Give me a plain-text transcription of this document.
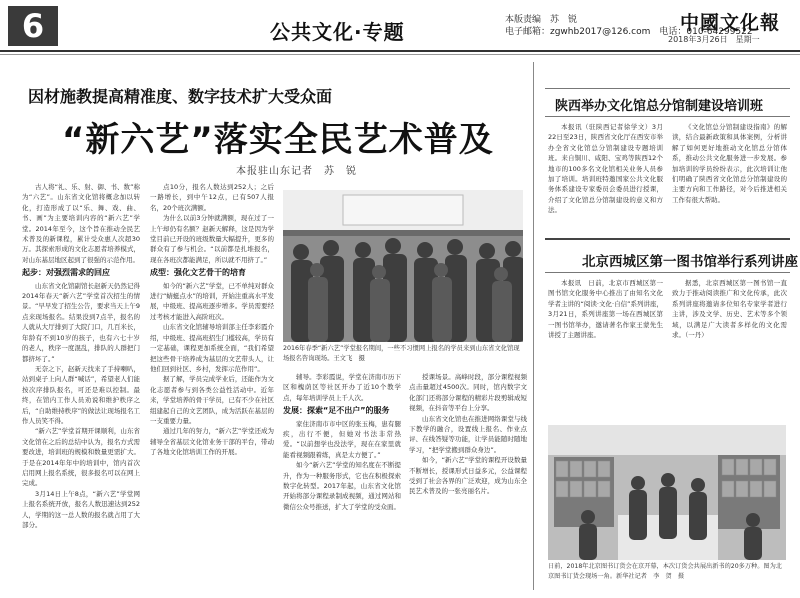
6	公共文化·专题	本版责编　苏　锐
电子邮箱：zgwhb2017@126.com　电话：010-64299522
中國文化報
2018年3月26日　星期一
因材施教提高精准度、数字技术扩大受众面
“新六艺”落实全民艺术普及
本报驻山东记者　苏　锐

古人将“礼、乐、射、御、书、数”称为“六艺”。山东省文化馆将概念加以转化，打造形成了以“乐、舞、戏、曲、书、画”为主要培训内容的“新六艺”学堂。2014年至今，这个旨在推动全民艺术普及的新课程，累计受众惠人次超30万。其探索形成的文化志愿者培养模式，对山东基层地区起到了很强的示范作用。

起步：对强烈需求的回应

山东省文化馆副馆长赵新天仍然记得2014年春天“新六艺”学堂首次招生的情景。“早早发了招生公告，要求当天上午9点来现场报名。结果没到7点半，报名的人就从大厅排到了大院门口，几百米长，年龄有不到10岁的孩子，也有六七十岁的老人，秩序一度混乱，排队的人群把门都挤坏了。”

无奈之下，赵新天找来了手持喇叭，站到桌子上向人群“喊话”，希望老人们能按次序排队报名，可还是难以控制。最终，在馆内工作人员劝说和维护秩序之后，“自助维持秩序”的做法让现场报名工作人员笑不得。

“新六艺”学堂首期开课顺利，山东省文化馆在之后的总结中认为，报名方式需要改进，培训班的规模和数量更需扩大。于是在2014年年中的培训中，馆内首次启用网上报名系统，很多报名可以在网上完成。

3月14日上午8点，“新六艺”学堂网上报名系统开放，报名人数迅速达到252人，学期的这一总人数的报名就占用了大部分。

点10分，报名人数达到252人；之后一路增长，到中午12点，已有507人报名，20个班次满额。

为什么以前3分钟就满额，现在过了一上午却仍有名额？赵新天解释，这是因为学堂目前已开设的班级数量大幅提升，更多的群众有了参与机会。“以前都是扎堆报名，现在各班次都能满足，所以就不用挤了。”

成型：强化文艺骨干的培育

如今的“新六艺”学堂，已不单纯对群众进行“蜻蜓点水”的培训，开始注重高水平发展，中级班、提高班逐步增多。学员需要经过考核才能进入高阶班次。

山东省文化馆辅导培训部主任李彩霞介绍，中级班、提高班招生门槛较高，学员有一定基础，课程更加系统全面，“我们希望把这些骨干培养成为基层的文艺带头人，让他们回到社区、乡村，发挥示范作用”。

据了解，学员完成学业后，还能作为文化志愿者参与到各类公益性活动中。近年来，学堂培养的骨干学员，已有不少在社区组建起自己的文艺团队，成为活跃在基层的一支重要力量。

通过几年的努力，“新六艺”学堂还成为辅导全省基层文化馆业务干部的平台，带动了各地文化馆培训工作的开展。

2016年春季“新六艺”学堂报名期间，一些不习惯网上报名的学员来到山东省文化馆现场报名咨询现场。王文飞　摄

辅导。李彩霞说，学堂在济南市历下区和槐荫区等社区开办了近10个教学点，每年培训学员上千人次。

发展：探索“足不出户”的服务

家住济南市市中区的张玉梅，患有腿疾，出行不便，但她对书法非常热爱。“以前想学也没法学，现在在家里就能看视频跟着练，真是太方便了。”

如今“新六艺”学堂的知名度在不断提升，作为一种服务形式，它也在积极探索数字化转型。2017年起，山东省文化馆开始将部分课程录制成视频，通过网站和微信公众号推送，扩大了学堂的受众面。

授课场景。高峰时段，部分课程视频点击量超过4500次。同时，馆内数字文化部门还将部分课程的精彩片段剪辑成短视频，在抖音等平台上分享。

山东省文化馆也在推进网络课堂与线下教学的融合，设置线上报名、作业点评、在线答疑等功能，让学员能随时随地学习，“把学堂搬到群众身边”。

如今，“新六艺”学堂的课程开设数量不断增长，授课形式日益多元，公益课程受到了社会各界的广泛欢迎，成为山东全民艺术普及的一张亮丽名片。

陕西举办文化馆总分馆制建设培训班

本报讯（驻陕西记者徐学文）3月22日至23日，陕西省文化厅在西安市举办全省文化馆总分馆制建设专题培训班。来自铜川、咸阳、宝鸡等陕西12个地市的100多名文化馆相关业务人员参加了培训。培训班特邀国家公共文化服务体系建设专家委员会委员进行授课，介绍了文化馆总分馆制建设的意义和方法。

《文化馆总分馆制建设指南》的解读，结合最新政策和具体案例，分析讲解了如何更好地推动文化馆总分馆体系，推动公共文化服务进一步发展。参加培训的学员纷纷表示，此次培训让他们明确了陕西省文化馆总分馆制建设的主要方向和工作路径，对今后推进相关工作有很大帮助。

北京西城区第一图书馆举行系列讲座

本报讯　日前，北京市西城区第一图书馆文化服务中心推出了由知名文化学者主讲的“阅读·文化·自信”系列讲座，3月21日，系列讲座第一场在西城区第一图书馆举办，邀请著名作家王蒙先生讲授了主题讲座。

据悉，北京西城区第一图书馆一直致力于推动阅读推广和文化传承，此次系列讲座将邀请多位知名专家学者进行主讲，涉及文学、历史、艺术等多个领域，以满足广大读者多样化的文化需求。（一丹）

日前，2018年北京图书订货会在京开幕，本次订货会共展出新书的20多万种。图为北京图书订货会现场一角。新华社记者　李　贺　摄
